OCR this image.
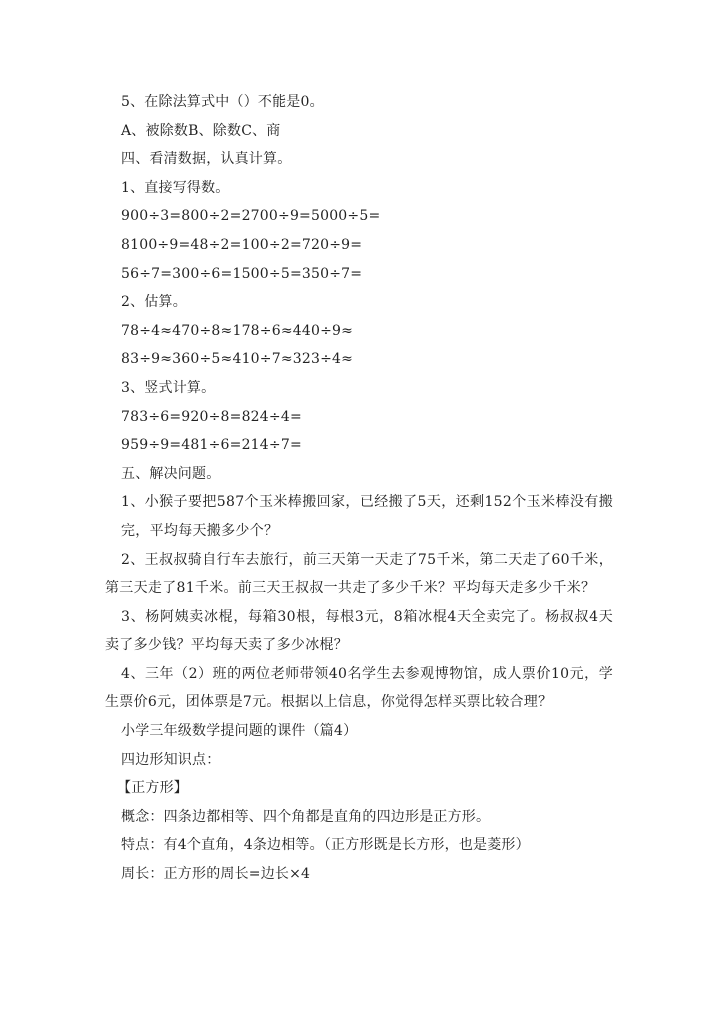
5、在除法算式中（）不能是0。
A、被除数B、除数C、商
四、看清数据，认真计算。
1、直接写得数。
900÷3=800÷2=2700÷9=5000÷5=
8100÷9=48÷2=100÷2=720÷9=
56÷7=300÷6=1500÷5=350÷7=
2、估算。
78÷4≈470÷8≈178÷6≈440÷9≈
83÷9≈360÷5≈410÷7≈323÷4≈
3、竖式计算。
783÷6=920÷8=824÷4=
959÷9=481÷6=214÷7=
五、解决问题。
1、小猴子要把587个玉米棒搬回家，已经搬了5天，还剩152个玉米棒没有搬完，平均每天搬多少个？
2、王叔叔骑自行车去旅行，前三天第一天走了75千米，第二天走了60千米，第三天走了81千米。前三天王叔叔一共走了多少千米？平均每天走多少千米？
3、杨阿姨卖冰棍，每箱30根，每根3元，8箱冰棍4天全卖完了。杨叔叔4天卖了多少钱？平均每天卖了多少冰棍？
4、三年（2）班的两位老师带领40名学生去参观博物馆，成人票价10元，学生票价6元，团体票是7元。根据以上信息，你觉得怎样买票比较合理？
小学三年级数学提问题的课件（篇4）
四边形知识点：
【正方形】
概念：四条边都相等、四个角都是直角的四边形是正方形。
特点：有4个直角，4条边相等。（正方形既是长方形，也是菱形）
周长：正方形的周长=边长×4
